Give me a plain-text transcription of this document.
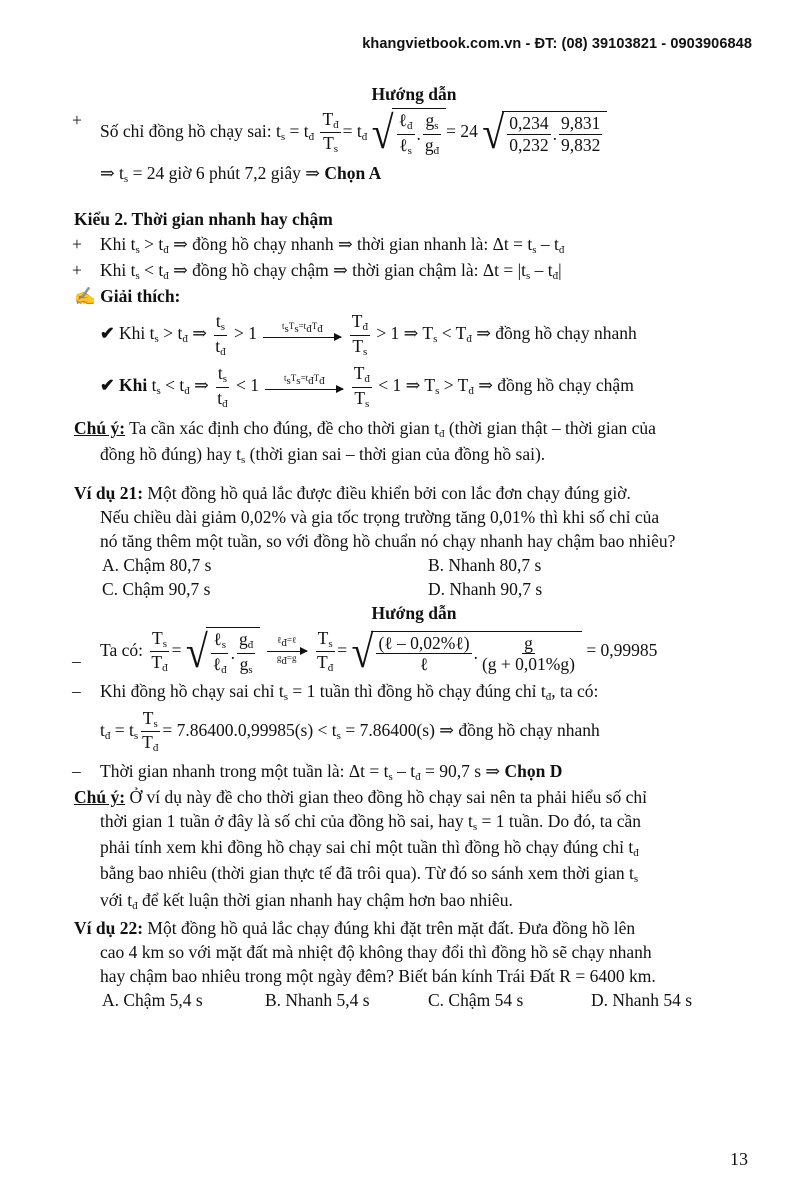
khangvietbook.com.vn - ĐT: (08) 39103821 - 0903906848
Hướng dẫn
+
Số chỉ đồng hồ chạy sai: $t_s = t_đ \frac{T_đ}{T_s} = t_đ$ √ $\frac{\ell_đ}{\ell_s}$ . $\frac{g_s}{g_đ} = 24$ √ $\frac{0,234}{0,232}$ . $\frac{9,831}{9,832}$
⇒ $t_s = 24$ giờ 6 phút 7,2 giây ⇒ Chọn A
Kiểu 2. Thời gian nhanh hay chậm
+ Khi $t_s > t_đ$ ⇒ đồng hồ chạy nhanh ⇒ thời gian nhanh là: $\Delta t = t_s - t_đ$
+ Khi $t_s < t_đ$ ⇒ đồng hồ chạy chậm ⇒ thời gian chậm là: $\Delta t = |t_s - t_đ|$
✍ Giải thích:
✔ Khi $t_s > t_đ$ ⇒ $\frac{t_s}{t_đ} > 1$ $t_sT_s=t_đT_đ$

$\frac{T_đ}{T_s} > 1$ ⇒ $T_s < T_đ$ ⇒ đồng hồ chạy nhanh
✔ Khi $t_s < t_đ$ ⇒ $\frac{t_s}{t_đ} < 1$ $t_sT_s=t_đT_đ$

$\frac{T_đ}{T_s} < 1$ ⇒ $T_s > T_đ$ ⇒ đồng hồ chạy chậm
Chú ý: Ta cần xác định cho đúng, đề cho thời gian $t_đ$ (thời gian thật – thời gian của
đồng hồ đúng) hay $t_s$ (thời gian sai – thời gian của đồng hồ sai).
Ví dụ 21: Một đồng hồ quả lắc được điều khiển bởi con lắc đơn chạy đúng giờ.
Nếu chiều dài giảm 0,02% và gia tốc trọng trường tăng 0,01% thì khi số chỉ của
nó tăng thêm một tuần, so với đồng hồ chuẩn nó chạy nhanh hay chậm bao nhiêu?
A. Chậm 80,7 s	B. Nhanh 80,7 s
C. Chậm 90,7 s	D. Nhanh 90,7 s
Hướng dẫn
–
Ta có: $\frac{T_s}{T_đ}$ = √ $\frac{\ell_s}{\ell_đ}$ . $\frac{g_đ}{g_s}$
ℓ$_đ$=ℓ
$g_đ=g$
$\frac{T_s}{T_đ}$ = √ $\frac{\text{(ℓ – 0,02\%ℓ)}}{\text{ℓ}}$ . $\frac{g}{(g + 0,01\%g)} = 0,99985$
– Khi đồng hồ chạy sai chỉ $t_s = 1$ tuần thì đồng hồ chạy đúng chỉ $t_đ$, ta có:
$t_đ = t_s \frac{T_s}{T_đ} = 7.86400.0,99985(s) < t_s = 7.86400(s)$ ⇒ đồng hồ chạy nhanh
– Thời gian nhanh trong một tuần là: $\Delta t = t_s - t_đ = 90,7$ s ⇒ Chọn D
Chú ý: Ở ví dụ này đề cho thời gian theo đồng hồ chạy sai nên ta phải hiểu số chỉ
thời gian 1 tuần ở đây là số chỉ của đồng hồ sai, hay $t_s = 1$ tuần. Do đó, ta cần
phải tính xem khi đồng hồ chạy sai chỉ một tuần thì đồng hồ chạy đúng chỉ $t_đ$
bằng bao nhiêu (thời gian thực tế đã trôi qua). Từ đó so sánh xem thời gian $t_s$
với $t_đ$ để kết luận thời gian nhanh hay chậm hơn bao nhiêu.
Ví dụ 22: Một đồng hồ quả lắc chạy đúng khi đặt trên mặt đất. Đưa đồng hồ lên
cao 4 km so với mặt đất mà nhiệt độ không thay đổi thì đồng hồ sẽ chạy nhanh
hay chậm bao nhiêu trong một ngày đêm? Biết bán kính Trái Đất R = 6400 km.
A. Chậm 5,4 s	B. Nhanh 5,4 s	C. Chậm 54 s	D. Nhanh 54 s
13
